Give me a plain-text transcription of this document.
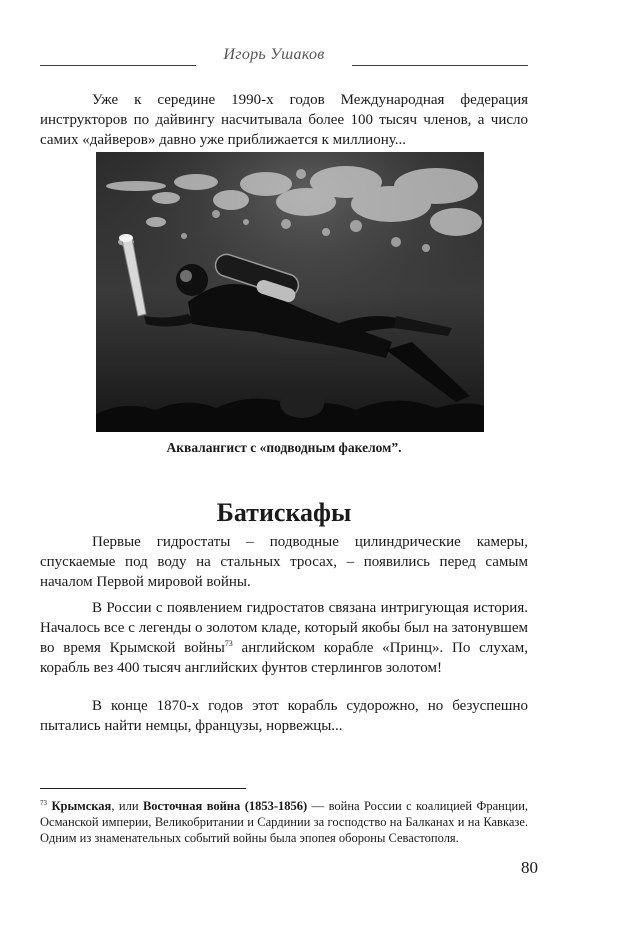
Игорь Ушаков

Уже к середине 1990-х годов Международная федерация инструкторов по дайвингу насчитывала более 100 тысяч членов, а число самих «дайверов» давно уже приближается к миллиону...

Аквалангист с «подводным факелом”.
Батискафы

Первые гидростаты – подводные цилиндрические камеры, спускаемые под воду на стальных тросах, – появились перед самым началом Первой мировой войны.

В России с появлением гидростатов связана интригующая история. Началось все с легенды о золотом кладе, который якобы был на затонувшем во время Крымской войны$^{73}$ английском корабле «Принц». По слухам, корабль вез 400 тысяч английских фунтов стерлингов золотом!

В конце 1870-х годов этот корабль судорожно, но безуспешно пытались найти немцы, французы, норвежцы...

$^{73}$ Крымская, или Восточная война (1853-1856) — война России с коалицией Франции, Османской империи, Великобритании и Сардинии за господство на Балканах и на Кавказе. Одним из знаменательных событий войны была эпопея обороны Севастополя.

80
